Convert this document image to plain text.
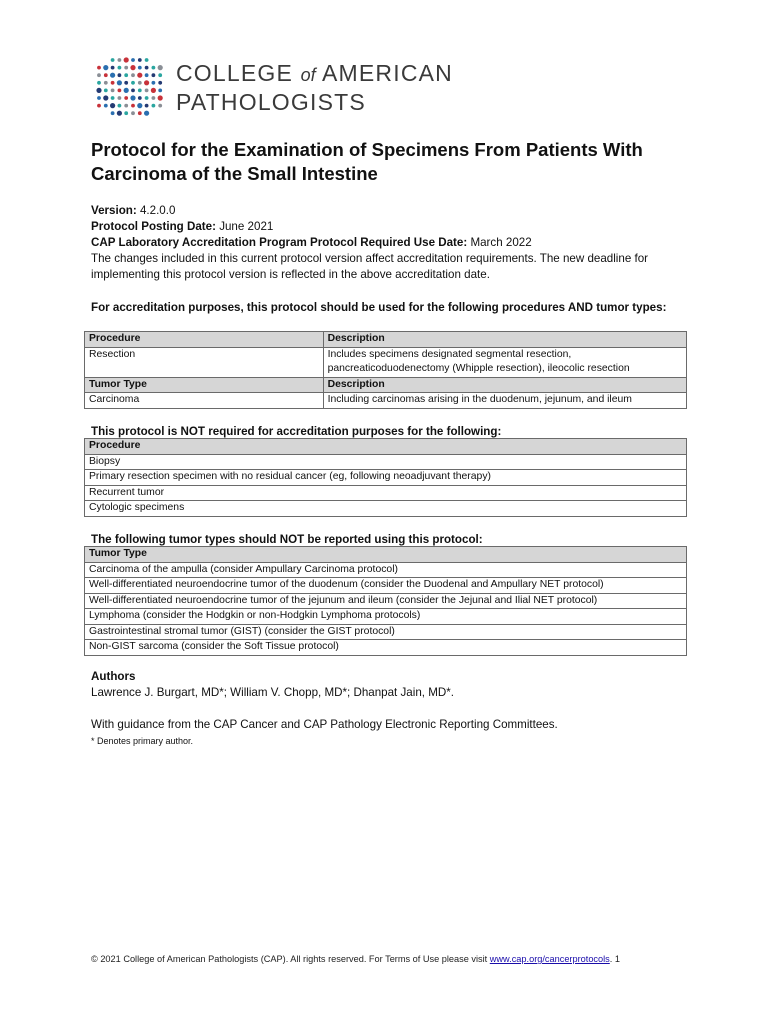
COLLEGE of AMERICAN
PATHOLOGISTS
Protocol for the Examination of Specimens From Patients With Carcinoma of the Small Intestine
Version: 4.2.0.0
Protocol Posting Date: June 2021
CAP Laboratory Accreditation Program Protocol Required Use Date: March 2022
The changes included in this current protocol version affect accreditation requirements. The new deadline for implementing this protocol version is reflected in the above accreditation date.

For accreditation purposes, this protocol should be used for the following procedures AND tumor types:

Procedure	Description
Resection	Includes specimens designated segmental resection, pancreaticoduodenectomy (Whipple resection), ileocolic resection
Tumor Type	Description
Carcinoma	Including carcinomas arising in the duodenum, jejunum, and ileum

This protocol is NOT required for accreditation purposes for the following:

Procedure
Biopsy
Primary resection specimen with no residual cancer (eg, following neoadjuvant therapy)
Recurrent tumor
Cytologic specimens

The following tumor types should NOT be reported using this protocol:

Tumor Type
Carcinoma of the ampulla (consider Ampullary Carcinoma protocol)
Well-differentiated neuroendocrine tumor of the duodenum (consider the Duodenal and Ampullary NET protocol)
Well-differentiated neuroendocrine tumor of the jejunum and ileum (consider the Jejunal and Ilial NET protocol)
Lymphoma (consider the Hodgkin or non-Hodgkin Lymphoma protocols)
Gastrointestinal stromal tumor (GIST) (consider the GIST protocol)
Non-GIST sarcoma (consider the Soft Tissue protocol)
Authors
Lawrence J. Burgart, MD*; William V. Chopp, MD*; Dhanpat Jain, MD*.
With guidance from the CAP Cancer and CAP Pathology Electronic Reporting Committees.
* Denotes primary author.
© 2021 College of American Pathologists (CAP). All rights reserved. For Terms of Use please visit www.cap.org/cancerprotocols. 1
